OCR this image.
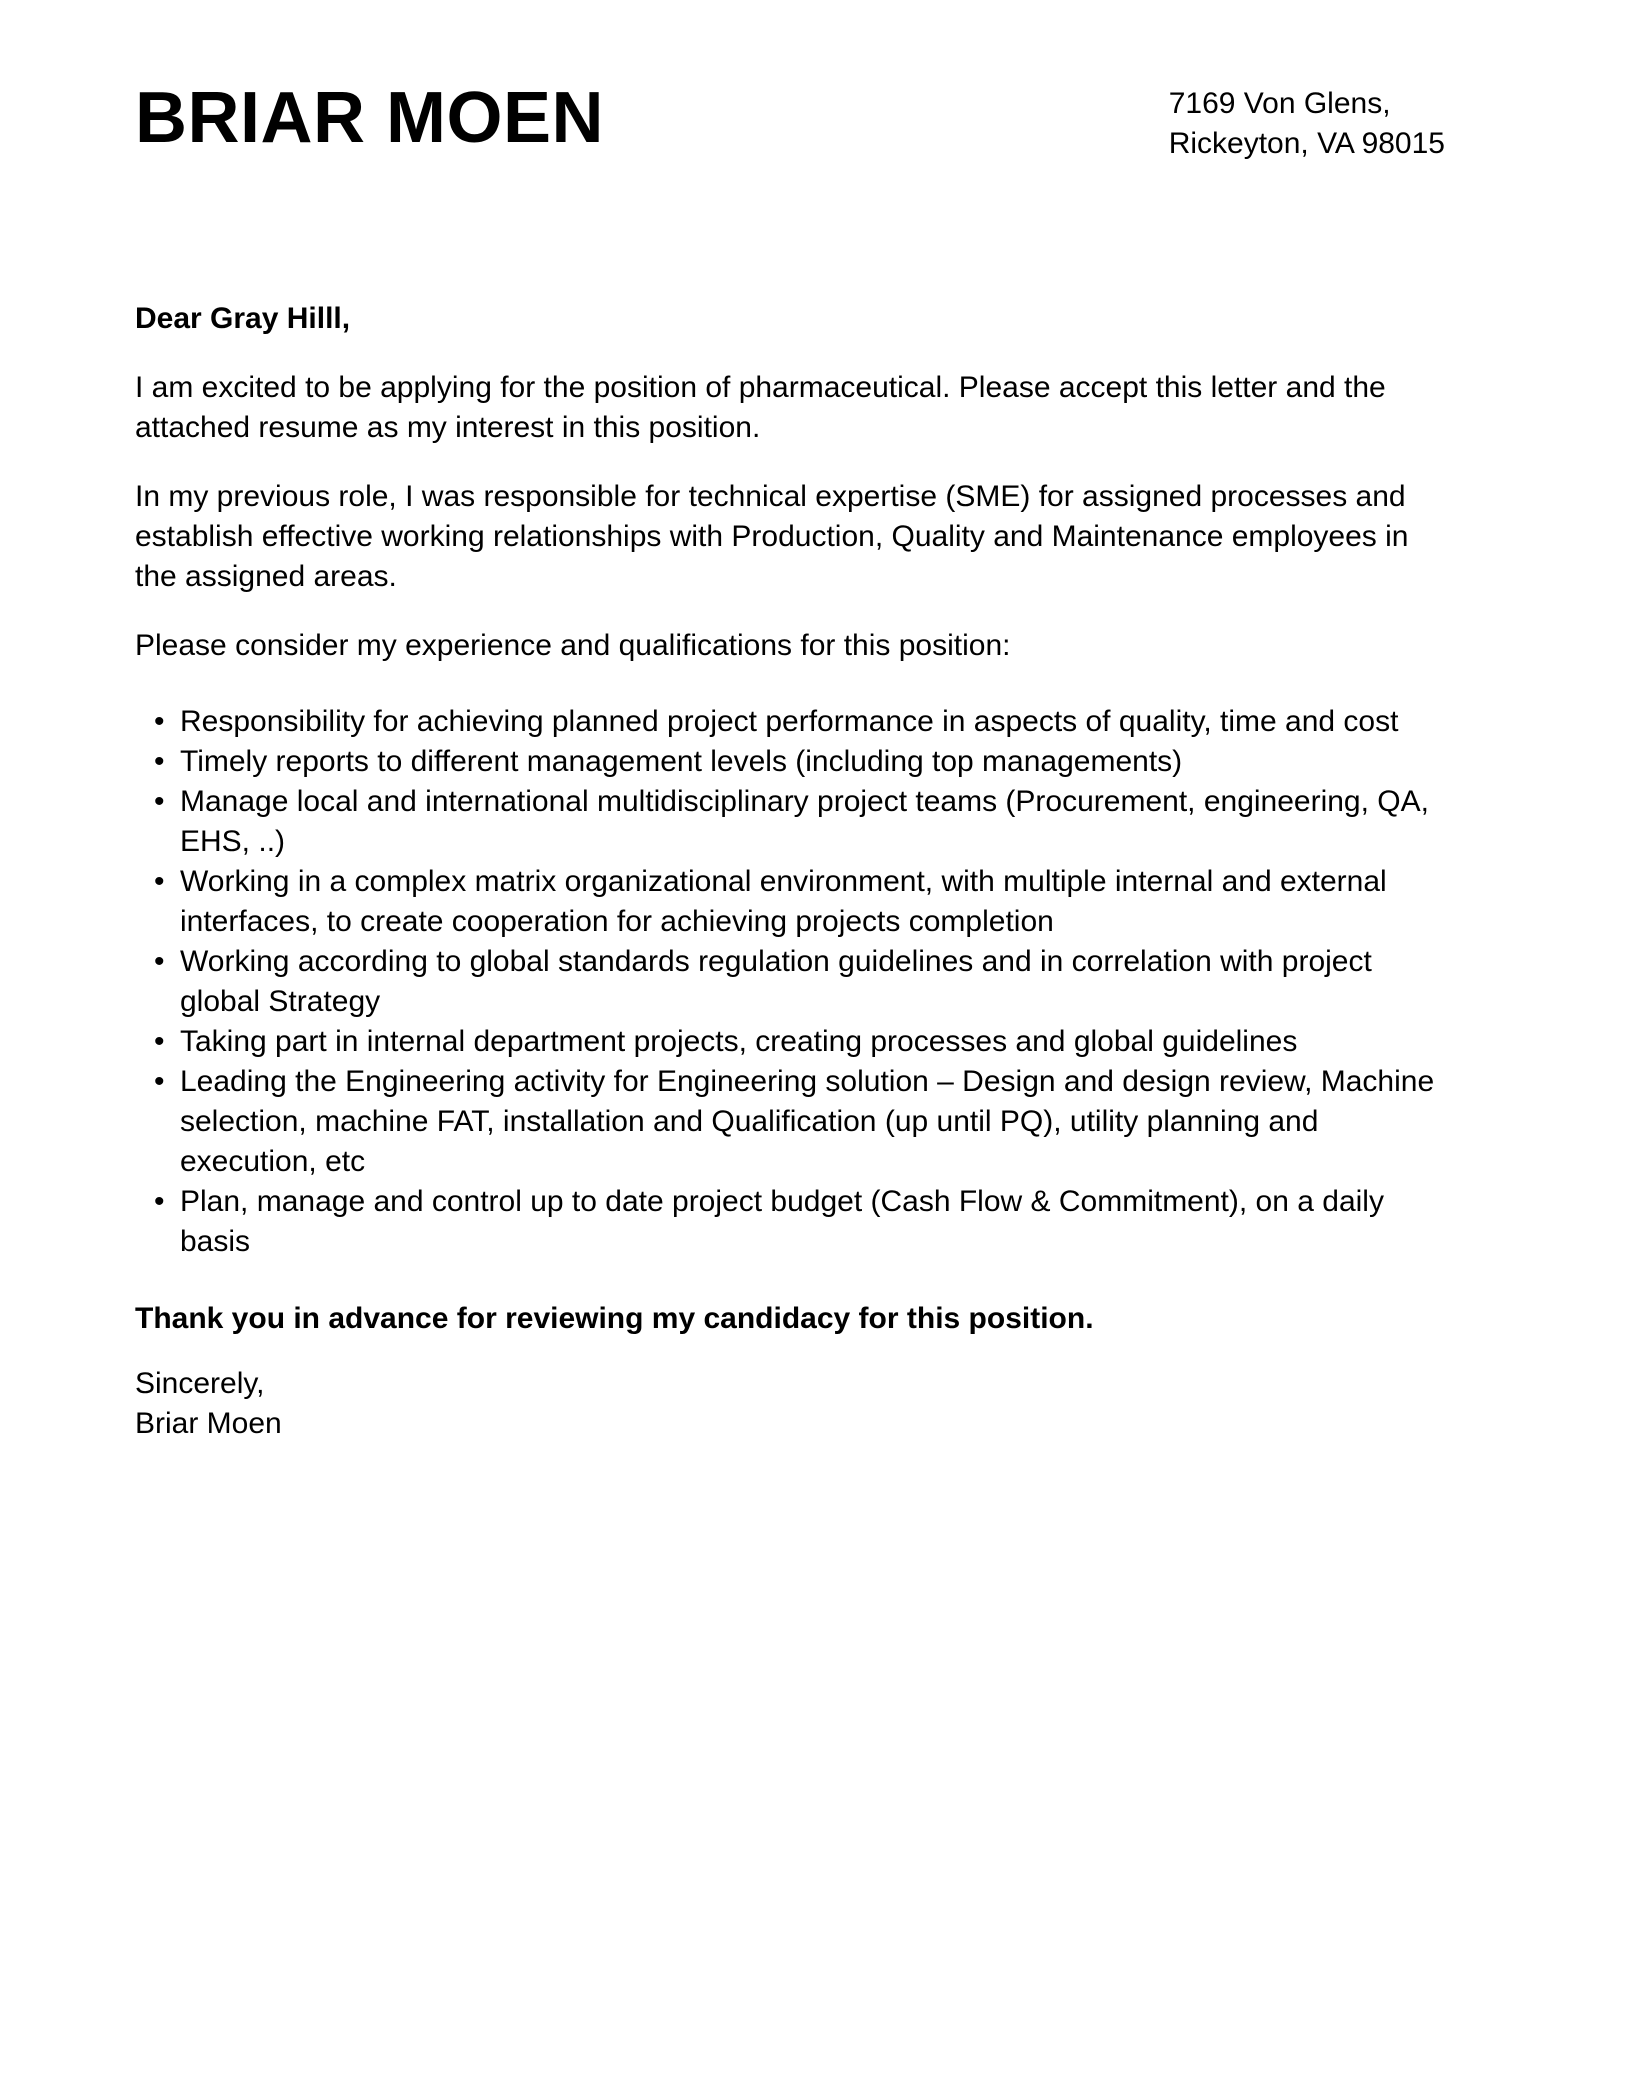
BRIAR MOEN	7169 Von Glens,
Rickeyton, VA 98015

Dear Gray Hilll,

I am excited to be applying for the position of pharmaceutical. Please accept this letter and the attached resume as my interest in this position.

In my previous role, I was responsible for technical expertise (SME) for assigned processes and establish effective working relationships with Production, Quality and Maintenance employees in the assigned areas.

Please consider my experience and qualifications for this position:

• Responsibility for achieving planned project performance in aspects of quality, time and cost
• Timely reports to different management levels (including top managements)
• Manage local and international multidisciplinary project teams (Procurement, engineering, QA, EHS, ..)
• Working in a complex matrix organizational environment, with multiple internal and external interfaces, to create cooperation for achieving projects completion
• Working according to global standards regulation guidelines and in correlation with project global Strategy
• Taking part in internal department projects, creating processes and global guidelines
• Leading the Engineering activity for Engineering solution – Design and design review, Machine selection, machine FAT, installation and Qualification (up until PQ), utility planning and execution, etc
• Plan, manage and control up to date project budget (Cash Flow & Commitment), on a daily basis

Thank you in advance for reviewing my candidacy for this position.

Sincerely,
Briar Moen
